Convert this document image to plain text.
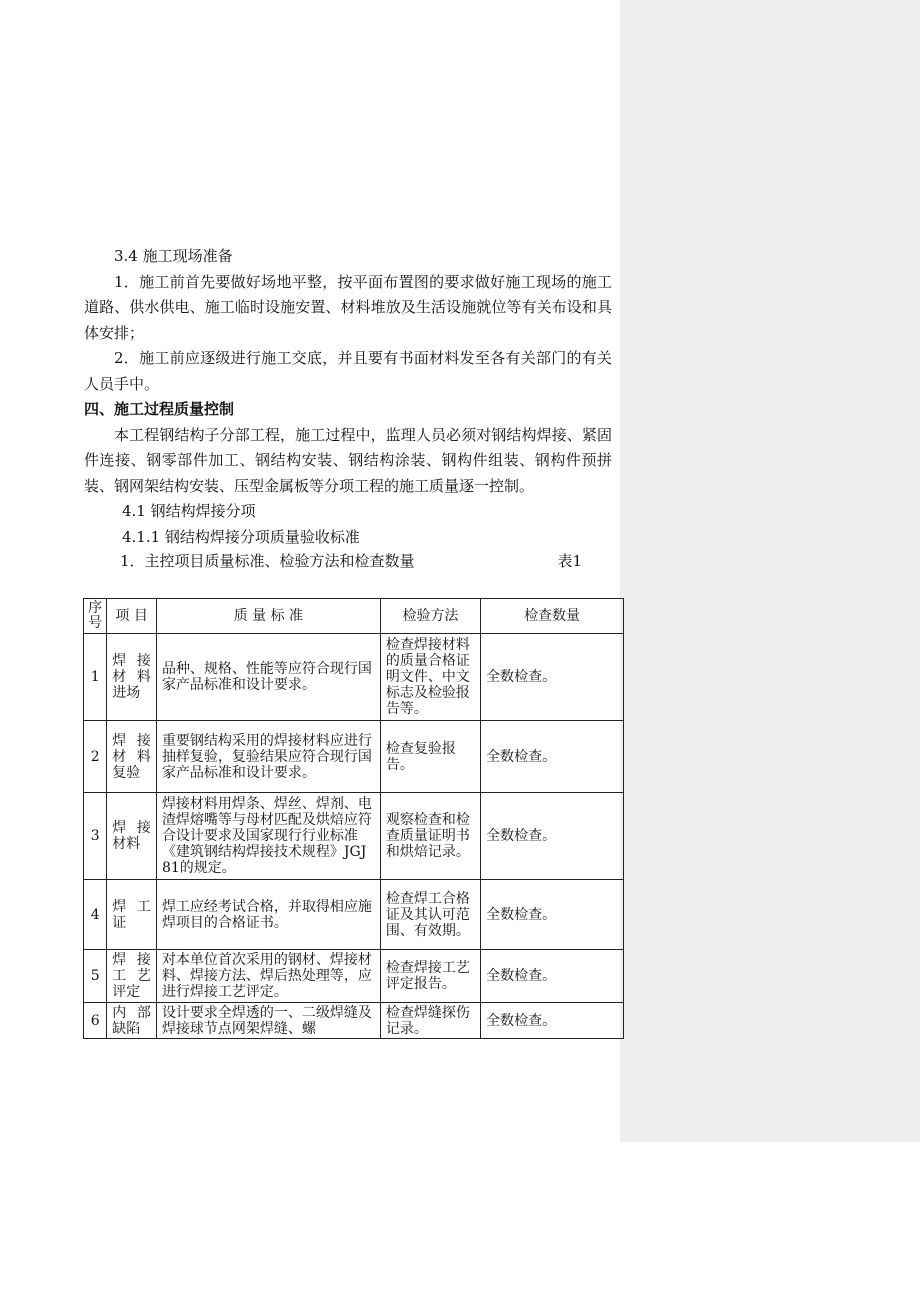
3.4 施工现场准备
1．施工前首先要做好场地平整，按平面布置图的要求做好施工现场的施工道路、供水供电、施工临时设施安置、材料堆放及生活设施就位等有关布设和具体安排；
2．施工前应逐级进行施工交底，并且要有书面材料发至各有关部门的有关人员手中。
四、施工过程质量控制
本工程钢结构子分部工程，施工过程中，监理人员必须对钢结构焊接、紧固件连接、钢零部件加工、钢结构安装、钢结构涂装、钢构件组装、钢构件预拼装、钢网架结构安装、压型金属板等分项工程的施工质量逐一控制。
4.1 钢结构焊接分项
4.1.1 钢结构焊接分项质量验收标准
1．主控项目质量标准、检验方法和检查数量	表1
序号	项 目	质 量 标 准	检验方法	检查数量
1	焊接材料进场	品种、规格、性能等应符合现行国家产品标准和设计要求。	检查焊接材料的质量合格证明文件、中文标志及检验报告等。	全数检查。
2	焊接材料复验	重要钢结构采用的焊接材料应进行抽样复验，复验结果应符合现行国家产品标准和设计要求。	检查复验报告。	全数检查。
3	焊接材料	焊接材料用焊条、焊丝、焊剂、电渣焊熔嘴等与母材匹配及烘焙应符合设计要求及国家现行行业标准《建筑钢结构焊接技术规程》JGJ 81的规定。	观察检查和检查质量证明书和烘焙记录。	全数检查。
4	焊工证	焊工应经考试合格，并取得相应施焊项目的合格证书。	检查焊工合格证及其认可范围、有效期。	全数检查。
5	焊接工艺评定	对本单位首次采用的钢材、焊接材料、焊接方法、焊后热处理等，应进行焊接工艺评定。	检查焊接工艺评定报告。	全数检查。
6	内部缺陷	设计要求全焊透的一、二级焊缝及焊接球节点网架焊缝、螺	检查焊缝探伤记录。	全数检查。
